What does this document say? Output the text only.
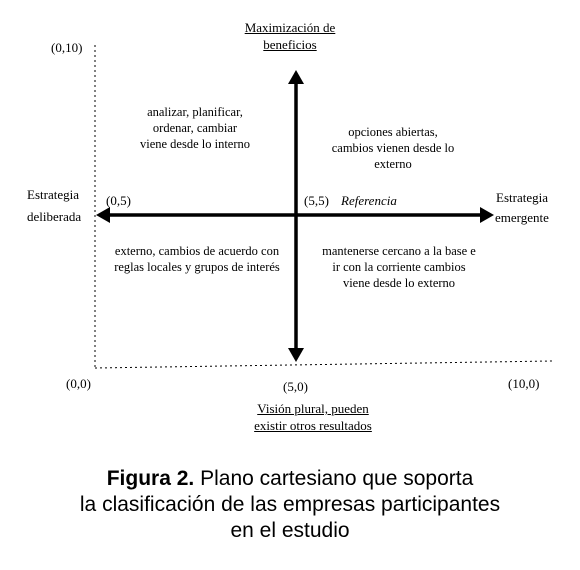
Maximización de
beneficios
Visión plural, pueden
existir otros resultados
Estrategia
deliberada
Estrategia
emergente
(0,10)
(0,5)	(5,5) Referencia
(0,0)	(5,0)	(10,0)
analizar, planificar,
ordenar, cambiar
viene desde lo interno
opciones abiertas,
cambios vienen desde lo
externo
externo, cambios de acuerdo con
reglas locales y grupos de interés
mantenerse cercano a la base e
ir con la corriente cambios
viene desde lo externo
Figura 2. Plano cartesiano que soporta
la clasificación de las empresas participantes
en el estudio
